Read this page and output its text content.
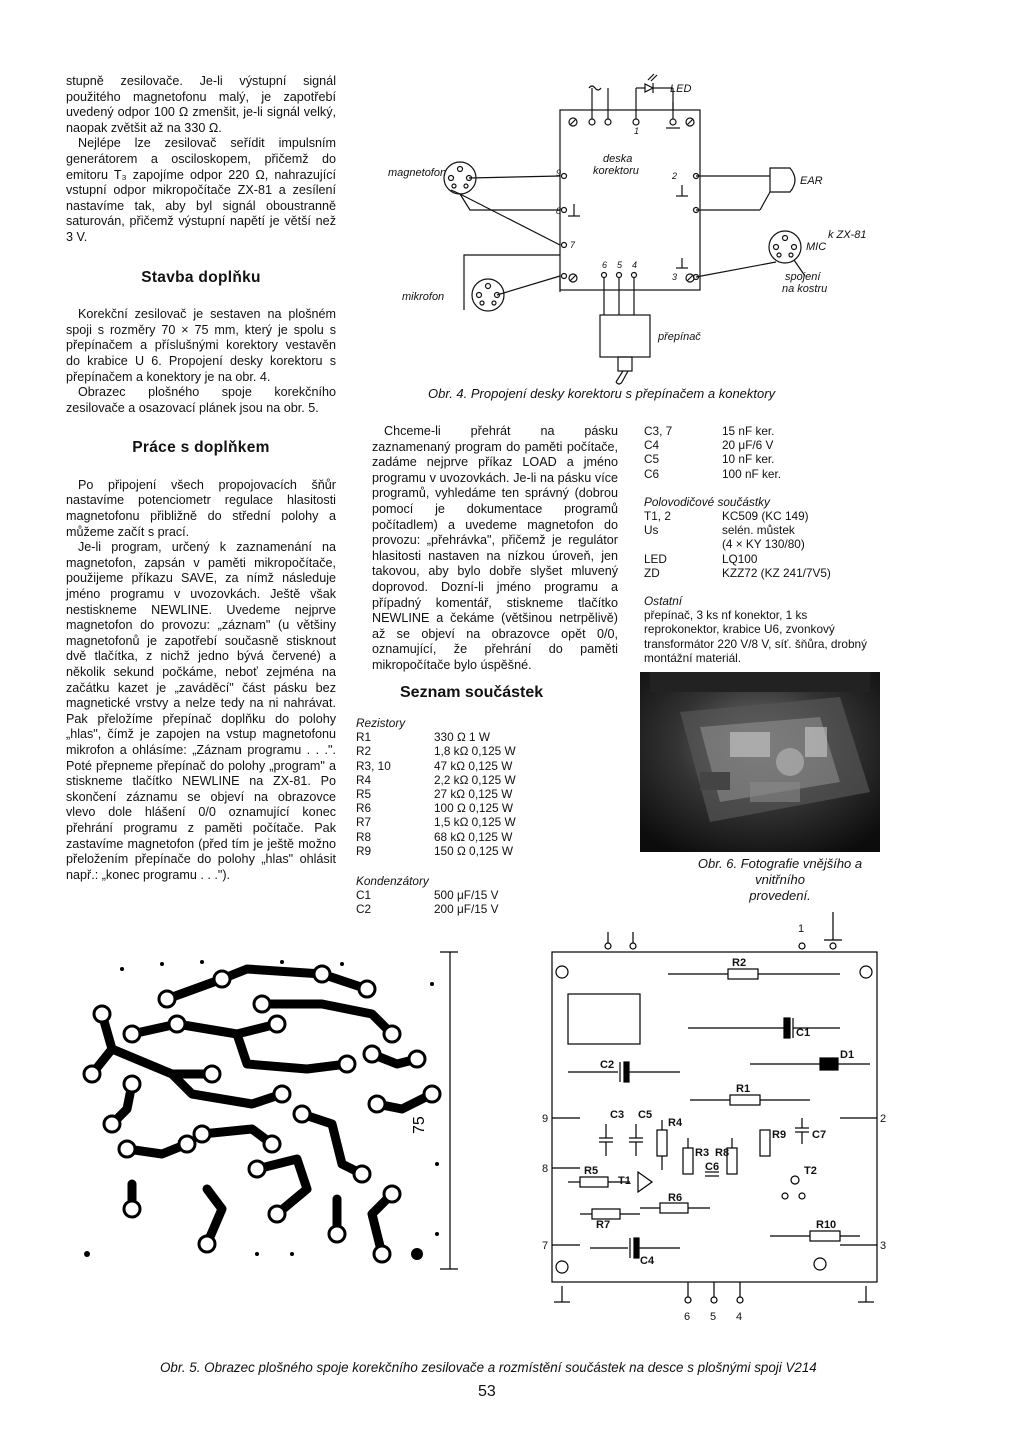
stupně zesilovače. Je-li výstupní signál použitého magnetofonu malý, je zapotřebí uvedený odpor 100 Ω zmenšit, je-li signál velký, naopak zvětšit až na 330 Ω.

Nejlépe lze zesilovač seřídit impulsním generátorem a osciloskopem, přičemž do emitoru T₃ zapojíme odpor 220 Ω, nahrazující vstupní odpor mikropočítače ZX-81 a zesílení nastavíme tak, aby byl signál oboustranně saturován, přičemž výstupní napětí je větší než 3 V.

Stavba doplňku

Korekční zesilovač je sestaven na plošném spoji s rozměry 70 × 75 mm, který je spolu s přepínačem a příslušnými korektory vestavěn do krabice U 6. Propojení desky korektoru s přepínačem a konektory je na obr. 4.

Obrazec plošného spoje korekčního zesilovače a osazovací plánek jsou na obr. 5.

Práce s doplňkem

Po připojení všech propojovacích šňůr nastavíme potenciometr regulace hlasitosti magnetofonu přibližně do střední polohy a můžeme začít s prací.

Je-li program, určený k zaznamenání na magnetofon, zapsán v paměti mikropočítače, použijeme příkazu SAVE, za nímž následuje jméno programu v uvozovkách. Ještě však nestiskneme NEWLINE. Uvedeme nejprve magnetofon do provozu: „záznam" (u většiny magnetofonů je zapotřebí současně stisknout dvě tlačítka, z nichž jedno bývá červené) a několik sekund počkáme, neboť zejména na začátku kazet je „zaváděcí" část pásku bez magnetické vrstvy a nelze tedy na ni nahrávat. Pak přeložíme přepínač doplňku do polohy „hlas", čímž je zapojen na vstup magnetofonu mikrofon a ohlásíme: „Záznam programu . . .". Poté přepneme přepínač do polohy „program" a stiskneme tlačítko NEWLINE na ZX-81. Po skončení záznamu se objeví na obrazovce vlevo dole hlášení 0/0 oznamující konec přehrání programu z paměti počítače. Pak zastavíme magnetofon (před tím je ještě možno přeložením přepínače do polohy „hlas" ohlásit např.: „konec programu . . .").

magnetofon
mikrofon
deska
korektoru
LED
EAR
MIC
k ZX-81
spojení
na kostru
přepínač
9
8
7
1
2
3
6 5 4
Obr. 4. Propojení desky korektoru s přepínačem a konektory

Chceme-li přehrát na pásku zaznamenaný program do paměti počítače, zadáme nejprve příkaz LOAD a jméno programu v uvozovkách. Je-li na pásku více programů, vyhledáme ten správný (dobrou pomocí je dokumentace programů počítadlem) a uvedeme magnetofon do provozu: „přehrávka", přičemž je regulátor hlasitosti nastaven na nízkou úroveň, jen takovou, aby bylo dobře slyšet mluvený doprovod. Dozní-li jméno programu a případný komentář, stiskneme tlačítko NEWLINE a čekáme (většinou netrpělivě) až se objeví na obrazovce opět 0/0, oznamující, že přehrání do paměti mikropočítače bylo úspěšné.

Seznam součástek
Rezistory
R1	330 Ω 1 W
R2	1,8 kΩ 0,125 W
R3, 10	47 kΩ 0,125 W
R4	2,2 kΩ 0,125 W
R5	27 kΩ 0,125 W
R6	100 Ω 0,125 W
R7	1,5 kΩ 0,125 W
R8	68 kΩ 0,125 W
R9	150 Ω 0,125 W
Kondenzátory
C1	500 μF/15 V
C2	200 μF/15 V
C3, 7	15 nF ker.
C4	20 μF/6 V
C5	10 nF ker.
C6	100 nF ker.
Polovodičové součástky
T1, 2	KC509 (KC 149)
Us	selén. můstek
	(4 × KY 130/80)
LED	LQ100
ZD	KZZ72 (KZ 241/7V5)
Ostatní
přepínač, 3 ks nf konektor, 1 ks reprokonektor, krabice U6, zvonkový transformátor 220 V/8 V, síť. šňůra, drobný montážní materiál.
Obr. 6. Fotografie vnějšího a vnitřního
provedení.
75
R2
C1
C2
D1
R1
C3 C5
R4
R9 C7
R3 R8
C6
T1
T2
R5
R6
R7	R10
C4
9
8
7
2
3
1
6 5 4
Obr. 5. Obrazec plošného spoje korekčního zesilovače a rozmístění součástek na desce s plošnými spoji V214
53
